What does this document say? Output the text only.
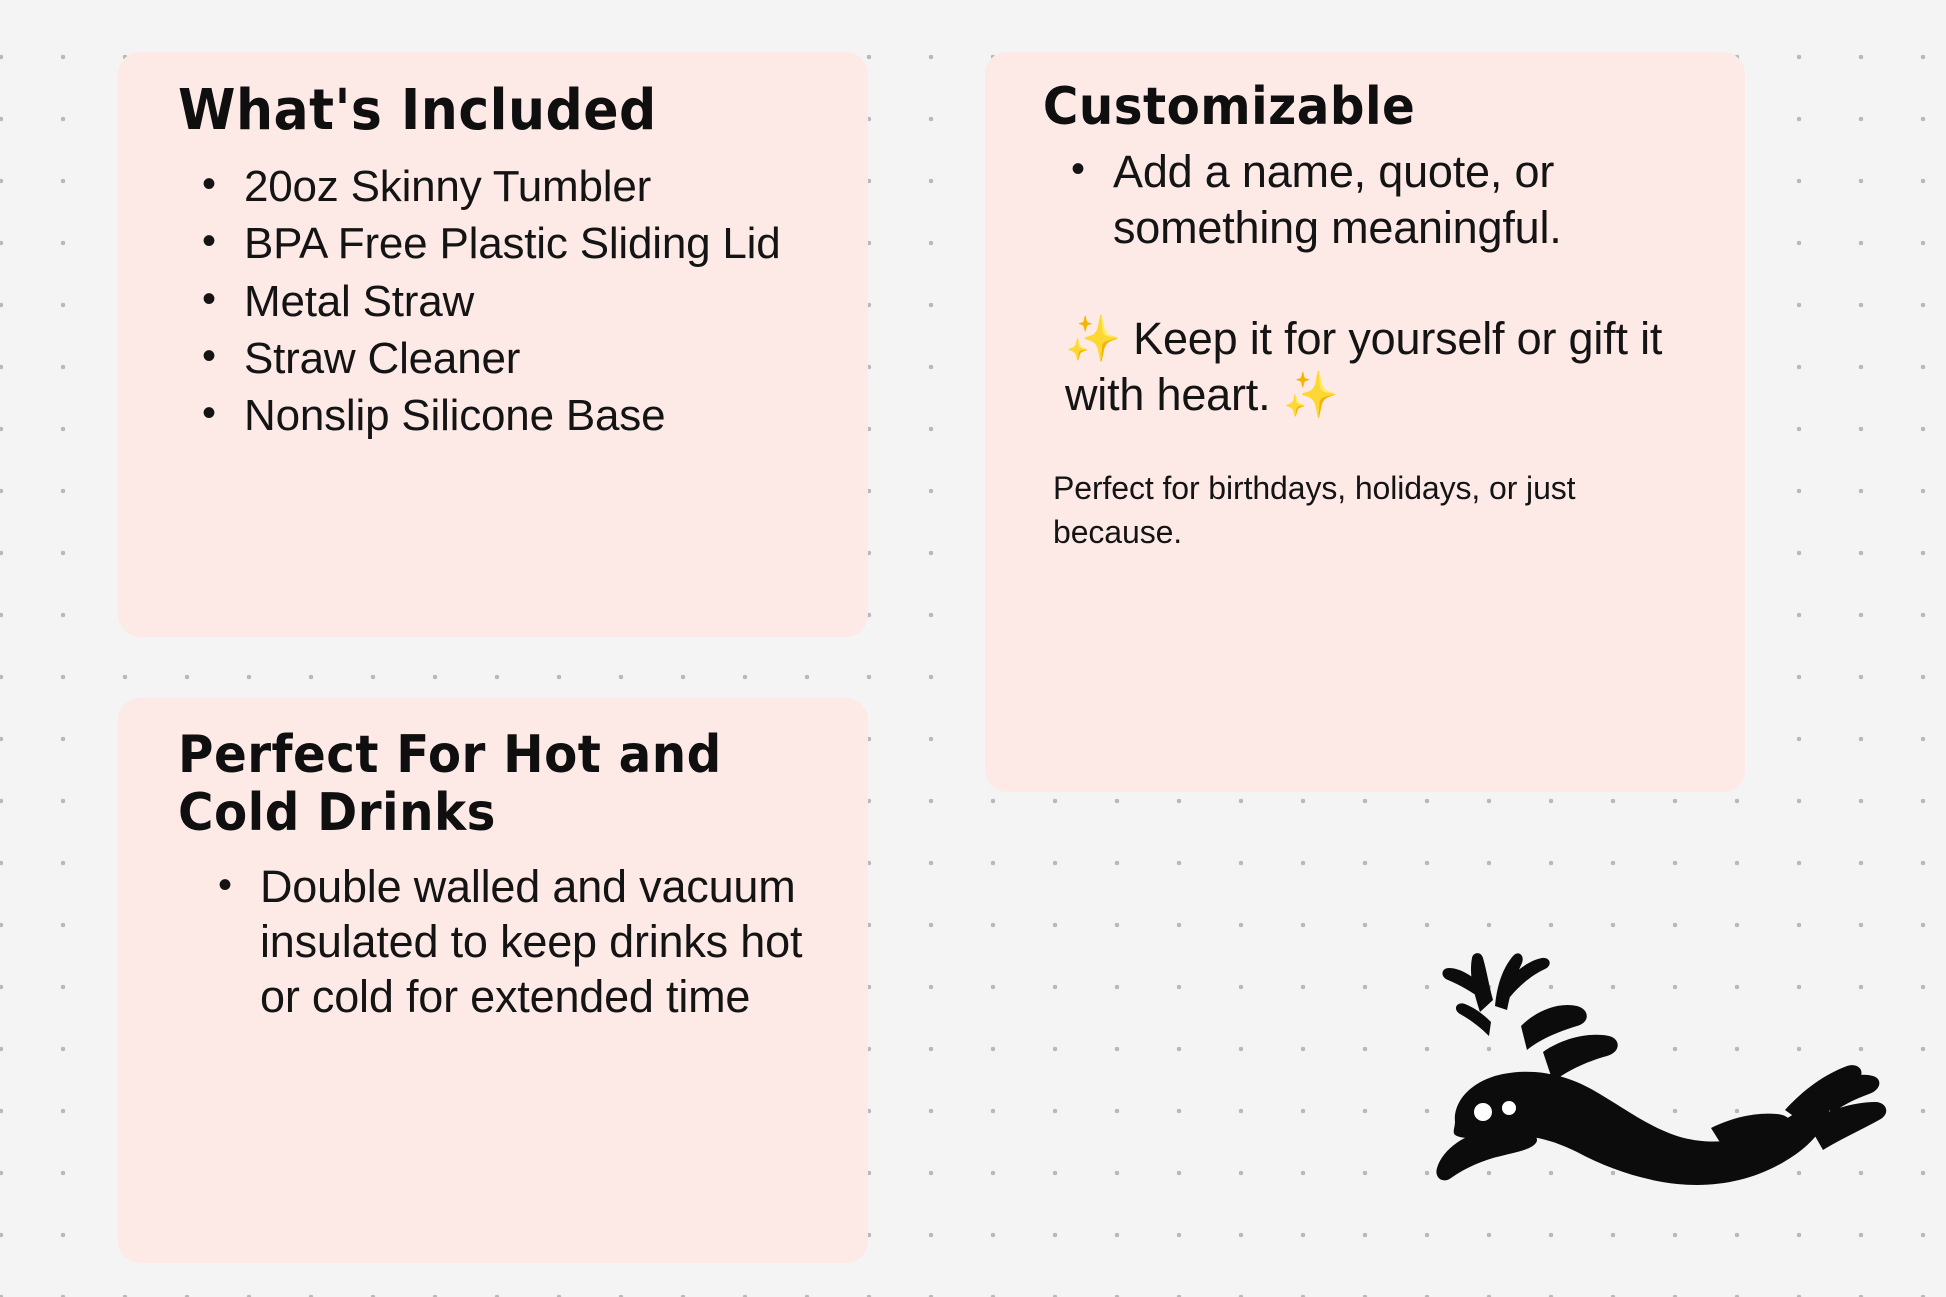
What's Included
• 20oz Skinny Tumbler
• BPA Free Plastic Sliding Lid
• Metal Straw
• Straw Cleaner
• Nonslip Silicone Base
Perfect For Hot and Cold Drinks
• Double walled and vacuum insulated to keep drinks hot or cold for extended time
Customizable
• Add a name, quote, or something meaningful.

✨ Keep it for yourself or gift it with heart. ✨

Perfect for birthdays, holidays, or just because.
